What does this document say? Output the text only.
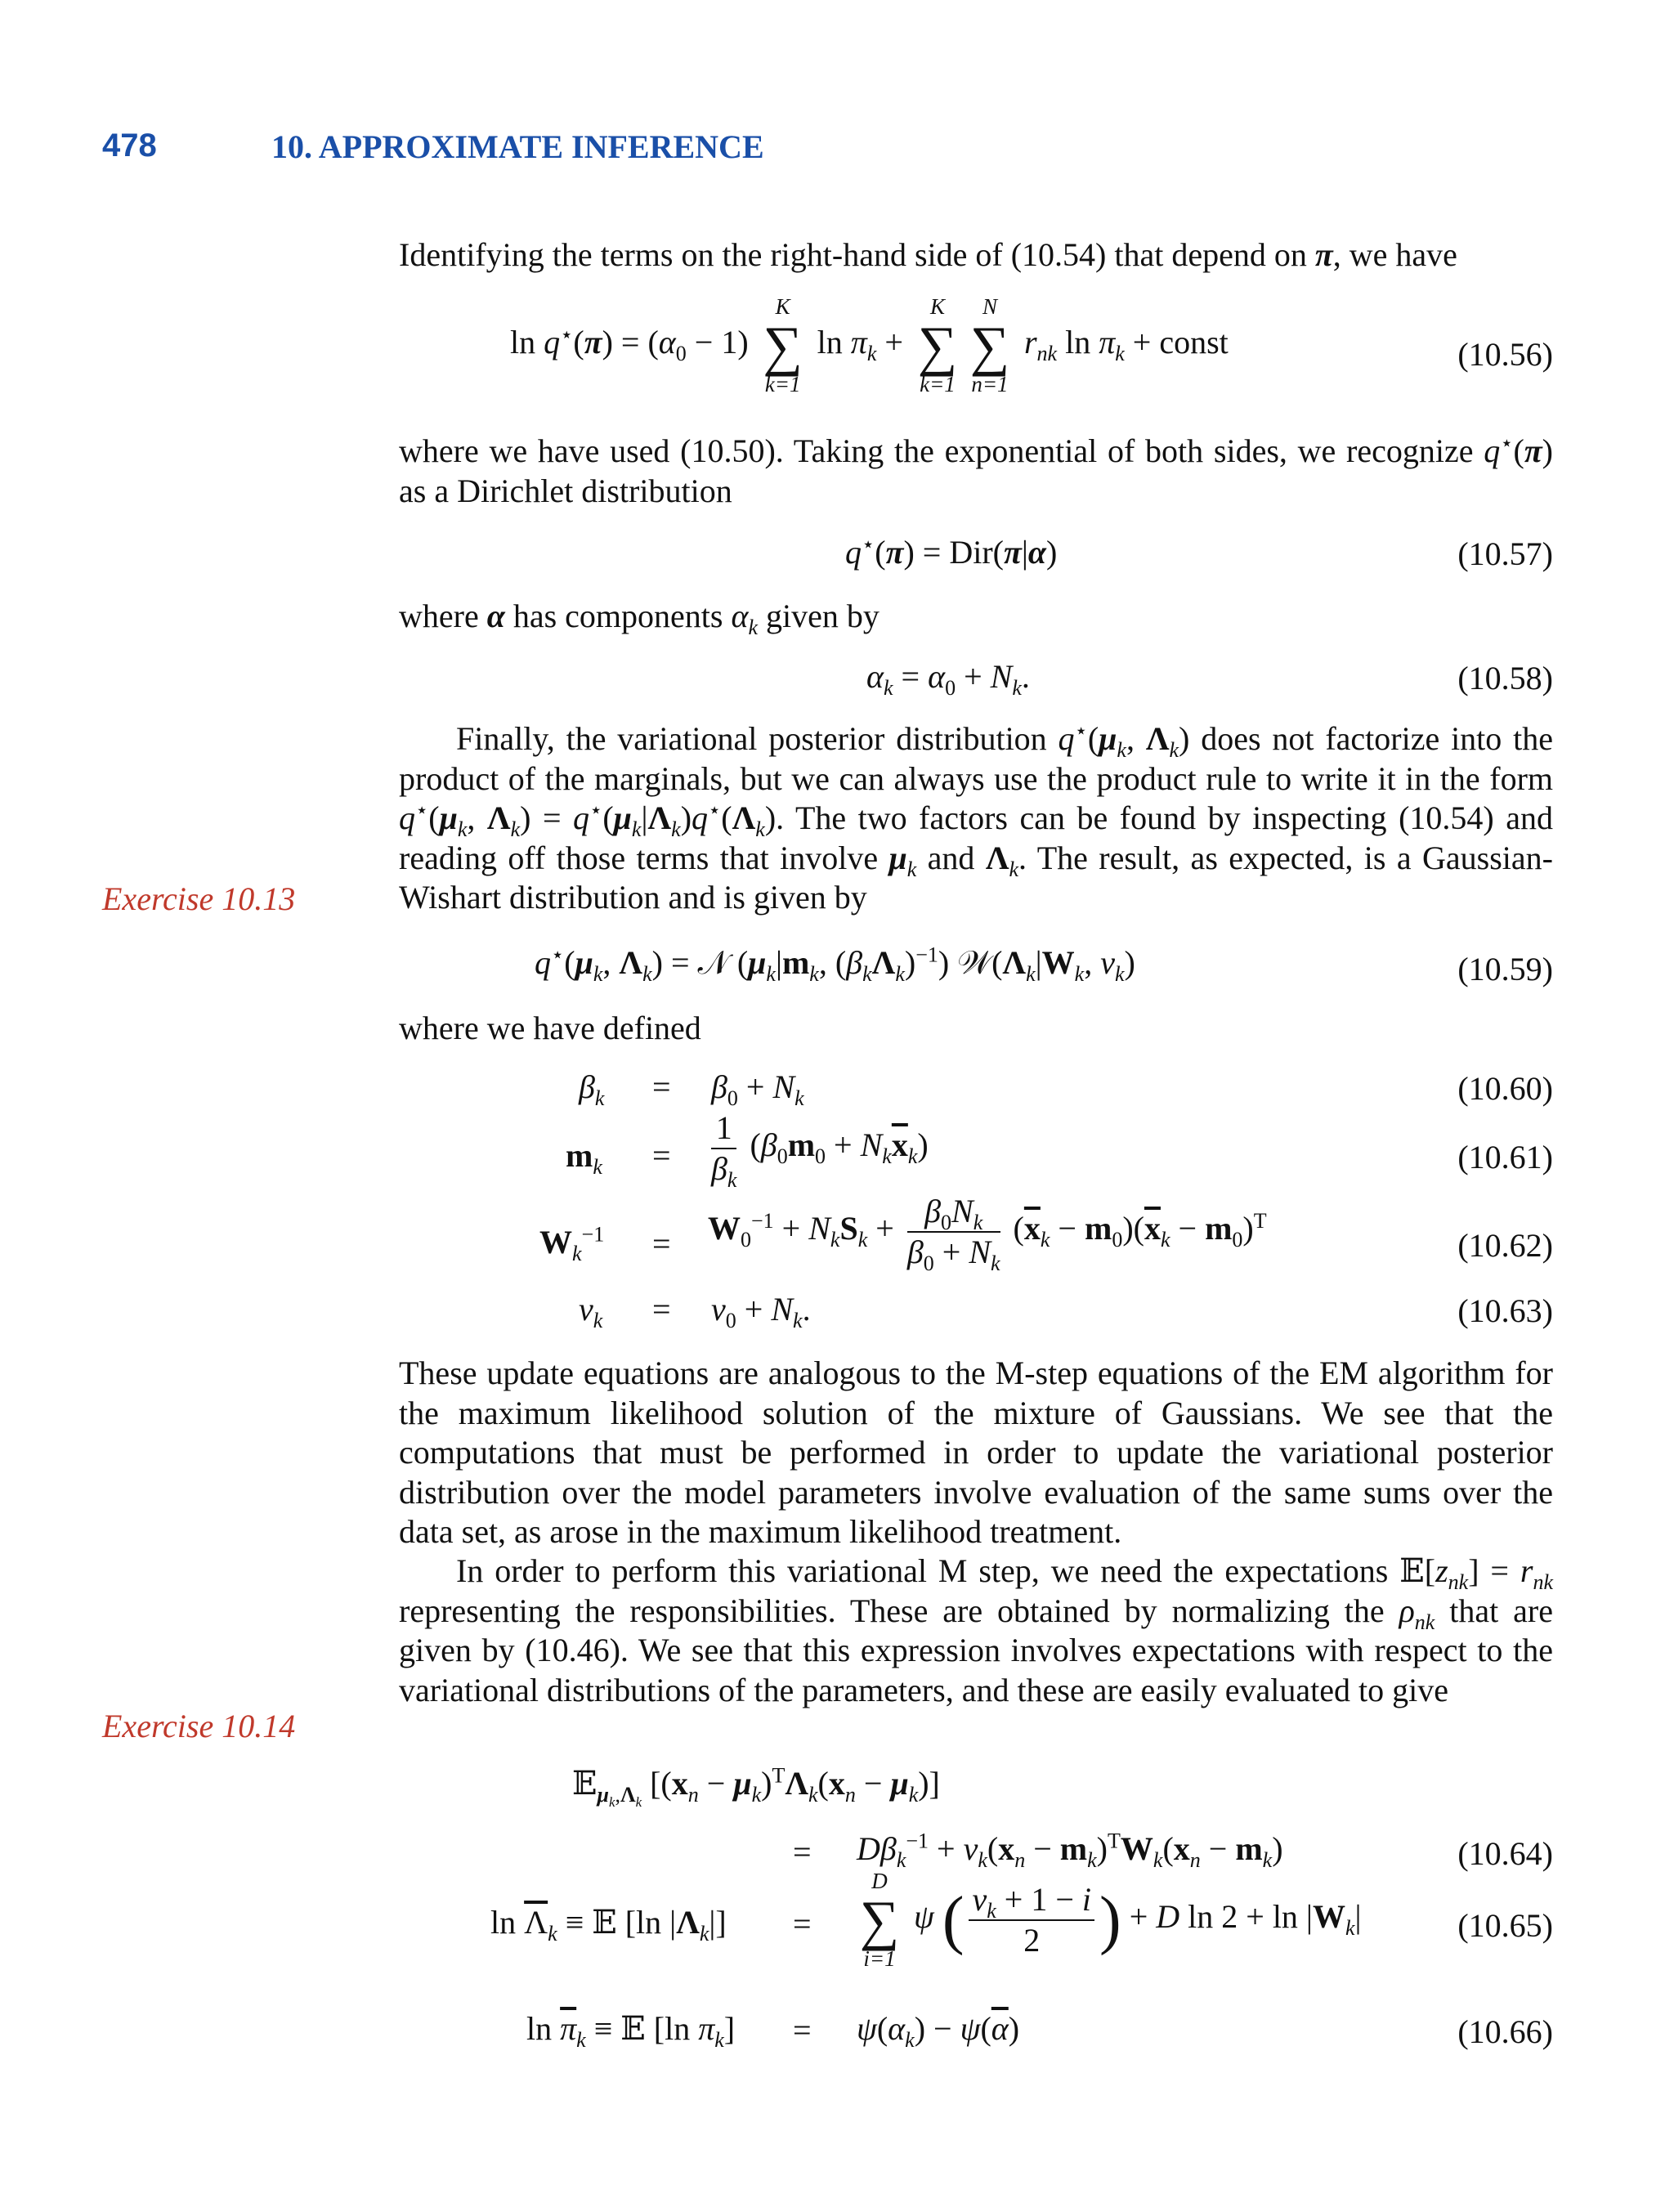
478	10. APPROXIMATE INFERENCE

Identifying the terms on the right-hand side of (10.54) that depend on π, we have

$\ln q^⋆(\pi) = (\alpha_0 - 1)$
K
∑
k=1
$\ln \pi_k$ +
K
∑
k=1
N
∑
n=1
$r_{nk}$ $\ln \pi_k$ + const	(10.56)

where we have used (10.50). Taking the exponential of both sides, we recognize q⋆(π) as a Dirichlet distribution

q⋆(π) = Dir(π|α)	(10.57)

where α has components $\alpha_k$ given by

$\alpha_k = \alpha_0 + N_k$.	(10.58)

Finally, the variational posterior distribution $q^⋆(\mu_k$, $\Lambda_k$) does not factorize into the product of the marginals, but we can always use the product rule to write it in the form $q^⋆(\mu_k$, $\Lambda_k) = q^⋆(\mu_k|\Lambda_k)q^⋆(\Lambda_k)$. The two factors can be found by inspecting (10.54) and reading off those terms that involve $\mu_k$ and $\Lambda_k$. The result, as expected, is a Gaussian-Wishart distribution and is given by

Exercise 10.13
$q^⋆(\mu_k$, $\Lambda_k$) = 𝒩 ($\mu_k|m_k$, $(\beta_k\Lambda_k)^{-1}$) $𝒲(\Lambda_k|W_k$, $\nu_k$)	(10.59)

where we have defined

$\beta_k = \beta_0 + N_k$	(10.60)
$m_k = \frac{1}{\beta_k} (\beta_0m_0 + N_k\overline{x}_k)$	(10.61)
$W_k^{-1} = W_0^{-1} + N_kS_k + \frac{\beta_0N_k}{\beta_0 + N_k} (\overline{x}_k - m_0)(\overline{x}_k - m_0)^T$
(10.62)
$\nu_k = \nu_0 + N_k$.	(10.63)

These update equations are analogous to the M-step equations of the EM algorithm for the maximum likelihood solution of the mixture of Gaussians. We see that the computations that must be performed in order to update the variational posterior distribution over the model parameters involve evaluation of the same sums over the data set, as arose in the maximum likelihood treatment.

In order to perform this variational M step, we need the expectations $𝔼[z_{nk}] = r_{nk}$ representing the responsibilities. These are obtained by normalizing the $\rho_{nk}$ that are given by (10.46). We see that this expression involves expectations with respect to the variational distributions of the parameters, and these are easily evaluated to give

Exercise 10.14
𝔼$_{\mu_k,\Lambda_k}$ $[(x_n - \mu_k)^T\Lambda_k(x_n - \mu_k)]$
= $D\beta_k^{-1} + \nu_k(x_n - m_k)^TW_k(x_n - m_k)$	(10.64)
$\ln \overline{\Lambda}_k$ ≡ 𝔼 [ln $|\Lambda_k|$] =
D
∑
i=1
ψ ( $\frac{\nu_k + 1 - i}{2}$ ) + D $\ln 2 + \ln |W_k|$	(10.65)
$\ln \overline{\pi}_k$ ≡ 𝔼 [ln $\pi_k] = \psi(\alpha_k) - \psi(\overline{\alpha})$	(10.66)
